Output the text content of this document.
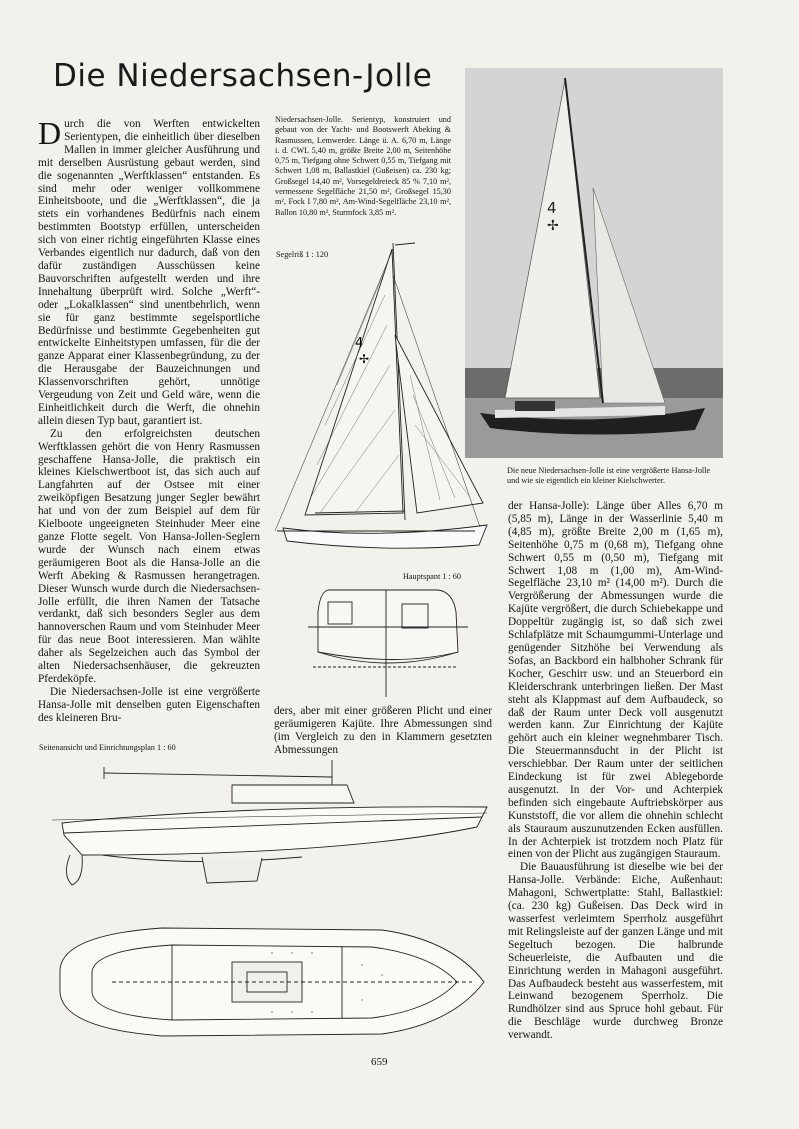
Die Niedersachsen-Jolle
Durch die von Werften entwickelten Serientypen, die einheitlich über dieselben Mallen in immer gleicher Ausführung und mit derselben Ausrüstung gebaut werden, sind die sogenannten „Werftklassen“ entstanden. Es sind mehr oder weniger vollkommene Einheitsboote, und die „Werftklassen“, die ja stets ein vorhandenes Bedürfnis nach einem bestimmten Bootstyp erfüllen, unterscheiden sich von einer richtig eingeführten Klasse eines Verbandes eigentlich nur dadurch, daß von den dafür zuständigen Ausschüssen keine Bauvorschriften aufgestellt werden und ihre Innehaltung überprüft wird. Solche „Werft“- oder „Lokalklassen“ sind unentbehrlich, wenn sie für ganz bestimmte segelsportliche Bedürfnisse und bestimmte Gegebenheiten gut entwickelte Einheitstypen umfassen, für die der ganze Apparat einer Klassenbegründung, zu der die Herausgabe der Bauzeichnungen und Klassenvorschriften gehört, unnötige Vergeudung von Zeit und Geld wäre, wenn die Einheitlichkeit durch die Werft, die ohnehin allein diesen Typ baut, garantiert ist.
Zu den erfolgreichsten deutschen Werftklassen gehört die von Henry Rasmussen geschaffene Hansa-Jolle, die praktisch ein kleines Kielschwertboot ist, das sich auch auf Langfahrten auf der Ostsee mit einer zweiköpfigen Besatzung junger Segler bewährt hat und von der zum Beispiel auf dem für Kielboote ungeeigneten Steinhuder Meer eine ganze Flotte segelt. Von Hansa-Jollen-Seglern wurde der Wunsch nach einem etwas geräumigeren Boot als die Hansa-Jolle an die Werft Abeking & Rasmussen herangetragen. Dieser Wunsch wurde durch die Niedersachsen-Jolle erfüllt, die ihren Namen der Tatsache verdankt, daß sich besonders Segler aus dem hannoverschen Raum und vom Steinhuder Meer für das neue Boot interessieren. Man wählte daher als Segelzeichen auch das Symbol der alten Niedersachsenhäuser, die gekreuzten Pferdeköpfe.
Die Niedersachsen-Jolle ist eine vergrößerte Hansa-Jolle mit denselben guten Eigenschaften des kleineren Bru-
Niedersachsen-Jolle. Serientyp, konstruiert und gebaut von der Yacht- und Bootswerft Abeking & Rasmussen, Lemwerder. Länge ü. A. 6,70 m, Länge i. d. CWL 5,40 m, größte Breite 2,00 m, Seitenhöhe 0,75 m, Tiefgang ohne Schwert 0,55 m, Tiefgang mit Schwert 1,08 m, Ballastkiel (Gußeisen) ca. 230 kg; Großsegel 14,40 m², Vorsegeldreieck 85 % 7,10 m², vermessene Segelfläche 21,50 m², Großsegel 15,30 m², Fock I 7,80 m², Am-Wind-Segelfläche 23,10 m², Ballon 10,80 m², Sturmfock 3,85 m².
Segelriß 1 : 120
4
✢
4
✢
Die neue Niedersachsen-Jolle ist eine vergrößerte Hansa-Jolle und wie sie eigentlich ein kleiner Kielschwerter.
Hauptspant 1 : 60
ders, aber mit einer größeren Plicht und einer geräumigeren Kajüte. Ihre Abmessungen sind (im Vergleich zu den in Klammern gesetzten Abmessungen
Seitenansicht und Einrichtungsplan 1 : 60
der Hansa-Jolle): Länge über Alles 6,70 m (5,85 m), Länge in der Wasserlinie 5,40 m (4,85 m), größte Breite 2,00 m (1,65 m), Seitenhöhe 0,75 m (0,68 m), Tiefgang ohne Schwert 0,55 m (0,50 m), Tiefgang mit Schwert 1,08 m (1,00 m), Am-Wind-Segelfläche 23,10 m² (14,00 m²). Durch die Vergrößerung der Abmessungen wurde die Kajüte vergrößert, die durch Schiebekappe und Doppeltür zugängig ist, so daß sich zwei Schlafplätze mit Schaumgummi-Unterlage und genügender Sitzhöhe bei Verwendung als Sofas, an Backbord ein halbhoher Schrank für Kocher, Geschirr usw. und an Steuerbord ein Kleiderschrank unterbringen ließen. Der Mast steht als Klappmast auf dem Aufbaudeck, so daß der Raum unter Deck voll ausgenutzt werden kann. Zur Einrichtung der Kajüte gehört auch ein kleiner wegnehmbarer Tisch. Die Steuermannsducht in der Plicht ist verschiebbar. Der Raum unter der seitlichen Eindeckung ist für zwei Ablegeborde ausgenutzt. In der Vor- und Achterpiek befinden sich eingebaute Auftriebskörper aus Kunststoff, die vor allem die ohnehin schlecht als Stauraum auszunutzenden Ecken ausfüllen. In der Achterpiek ist trotzdem noch Platz für einen von der Plicht aus zugängigen Stauraum.
Die Bauausführung ist dieselbe wie bei der Hansa-Jolle. Verbände: Eiche, Außenhaut: Mahagoni, Schwertplatte: Stahl, Ballastkiel: (ca. 230 kg) Gußeisen. Das Deck wird in wasserfest verleimtem Sperrholz ausgeführt mit Relingsleiste auf der ganzen Länge und mit Segeltuch bezogen. Die halbrunde Scheuerleiste, die Aufbauten und die Einrichtung werden in Mahagoni ausgeführt. Das Aufbaudeck besteht aus wasserfestem, mit Leinwand bezogenem Sperrholz. Die Rundhölzer sind aus Spruce hohl gebaut. Für die Beschläge wurde durchweg Bronze verwandt.
659
